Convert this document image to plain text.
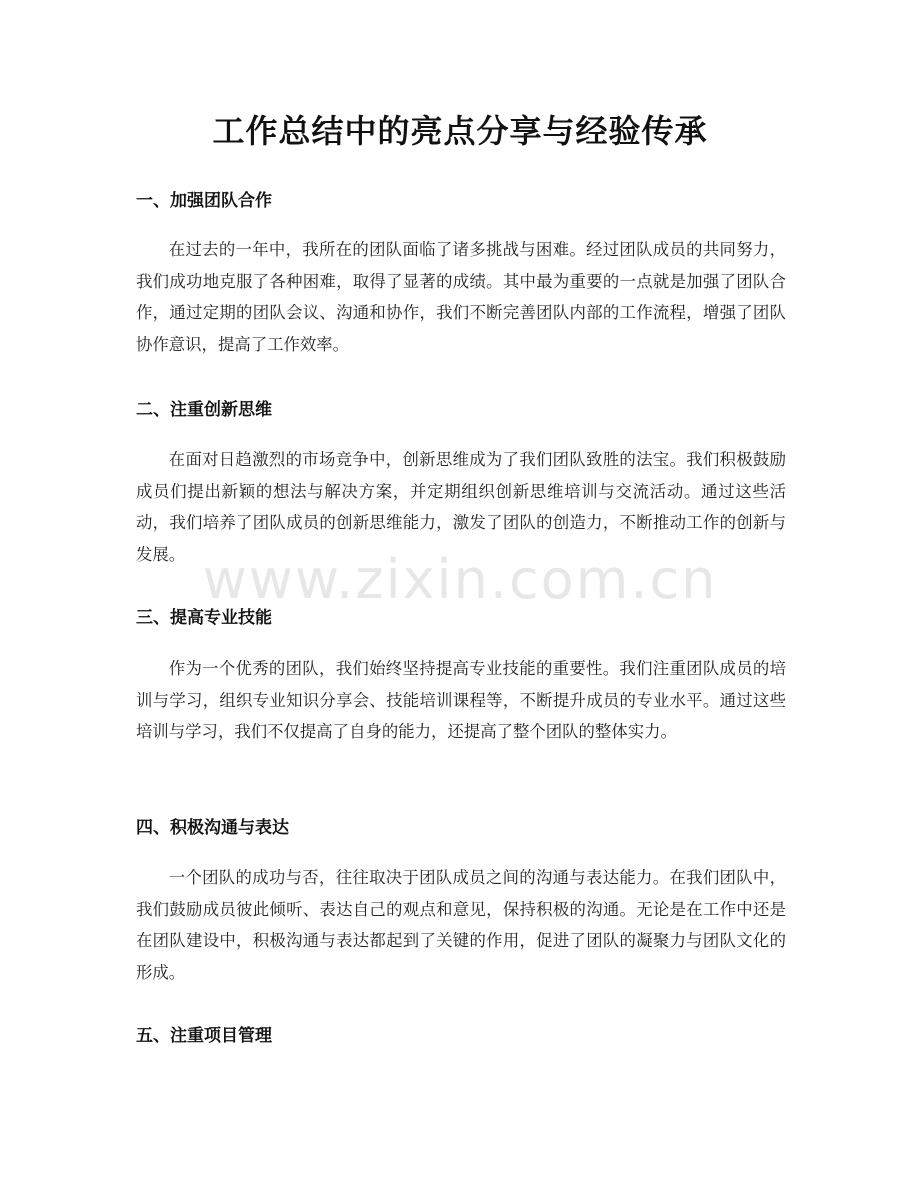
工作总结中的亮点分享与经验传承
一、加强团队合作

在过去的一年中，我所在的团队面临了诸多挑战与困难。经过团队成员的共同努力，我们成功地克服了各种困难，取得了显著的成绩。其中最为重要的一点就是加强了团队合作，通过定期的团队会议、沟通和协作，我们不断完善团队内部的工作流程，增强了团队协作意识，提高了工作效率。

二、注重创新思维

在面对日趋激烈的市场竞争中，创新思维成为了我们团队致胜的法宝。我们积极鼓励成员们提出新颖的想法与解决方案，并定期组织创新思维培训与交流活动。通过这些活动，我们培养了团队成员的创新思维能力，激发了团队的创造力，不断推动工作的创新与发展。

三、提高专业技能

作为一个优秀的团队，我们始终坚持提高专业技能的重要性。我们注重团队成员的培训与学习，组织专业知识分享会、技能培训课程等，不断提升成员的专业水平。通过这些培训与学习，我们不仅提高了自身的能力，还提高了整个团队的整体实力。

四、积极沟通与表达

一个团队的成功与否，往往取决于团队成员之间的沟通与表达能力。在我们团队中，我们鼓励成员彼此倾听、表达自己的观点和意见，保持积极的沟通。无论是在工作中还是在团队建设中，积极沟通与表达都起到了关键的作用，促进了团队的凝聚力与团队文化的形成。

五、注重项目管理
www.zixin.com.cn
